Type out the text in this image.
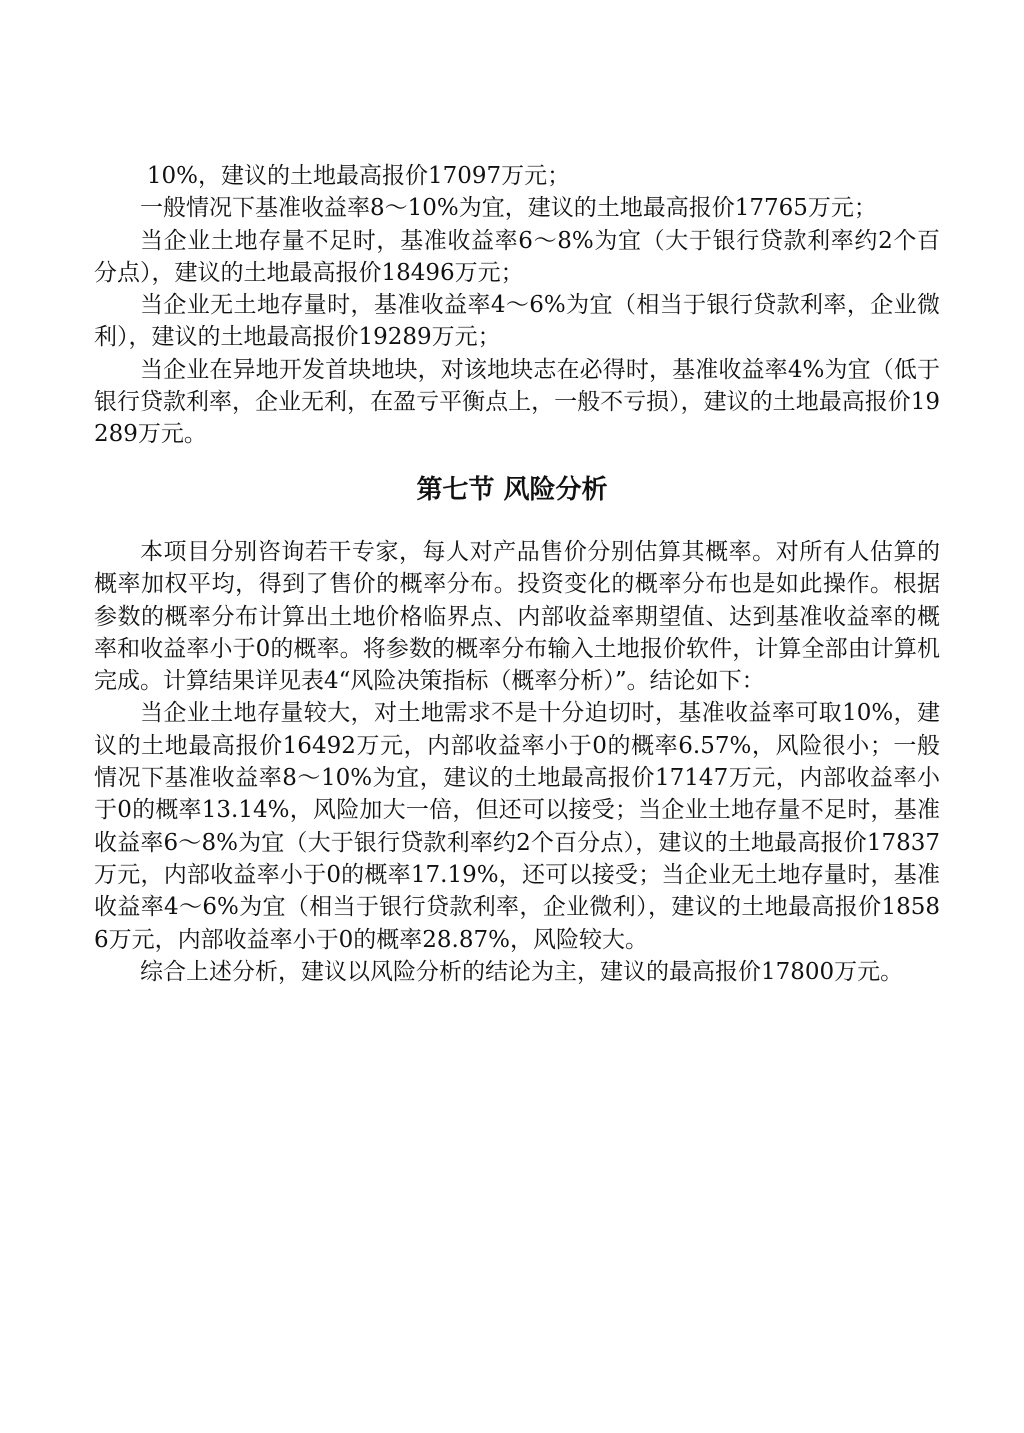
10%，建议的土地最高报价17097万元；

一般情况下基准收益率8～10%为宜，建议的土地最高报价17765万元；

当企业土地存量不足时，基准收益率6～8%为宜（大于银行贷款利率约2个百分点），建议的土地最高报价18496万元；

当企业无土地存量时，基准收益率4～6%为宜（相当于银行贷款利率，企业微利），建议的土地最高报价19289万元；

当企业在异地开发首块地块，对该地块志在必得时，基准收益率4%为宜（低于银行贷款利率，企业无利，在盈亏平衡点上，一般不亏损），建议的土地最高报价19289万元。

第七节 风险分析

本项目分别咨询若干专家，每人对产品售价分别估算其概率。对所有人估算的概率加权平均，得到了售价的概率分布。投资变化的概率分布也是如此操作。根据参数的概率分布计算出土地价格临界点、内部收益率期望值、达到基准收益率的概率和收益率小于0的概率。将参数的概率分布输入土地报价软件，计算全部由计算机完成。计算结果详见表4“风险决策指标（概率分析）”。结论如下：

当企业土地存量较大，对土地需求不是十分迫切时，基准收益率可取10%，建议的土地最高报价16492万元，内部收益率小于0的概率6.57%，风险很小；一般情况下基准收益率8～10%为宜，建议的土地最高报价17147万元，内部收益率小于0的概率13.14%，风险加大一倍，但还可以接受；当企业土地存量不足时，基准收益率6～8%为宜（大于银行贷款利率约2个百分点），建议的土地最高报价17837万元，内部收益率小于0的概率17.19%，还可以接受；当企业无土地存量时，基准收益率4～6%为宜（相当于银行贷款利率，企业微利），建议的土地最高报价18586万元，内部收益率小于0的概率28.87%，风险较大。

综合上述分析，建议以风险分析的结论为主，建议的最高报价17800万元。
